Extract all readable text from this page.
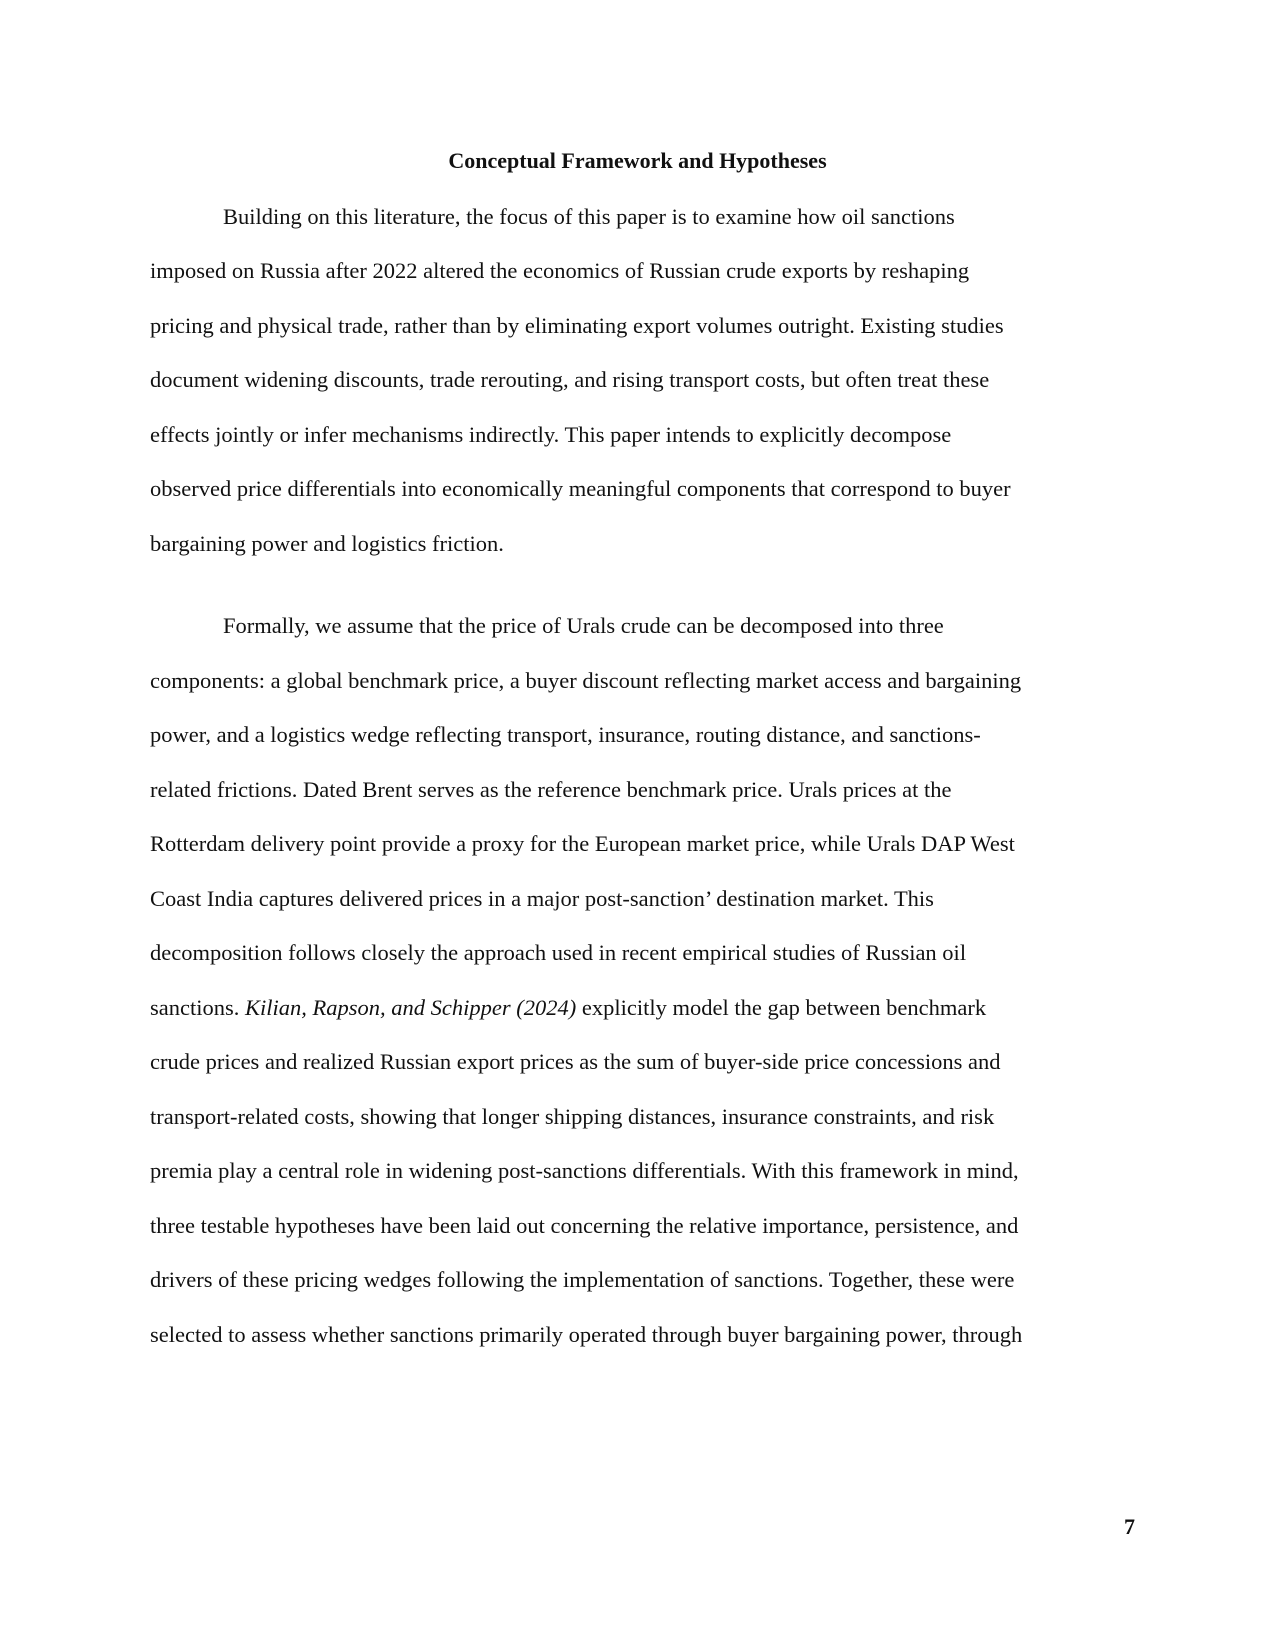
Conceptual Framework and Hypotheses

Building on this literature, the focus of this paper is to examine how oil sanctions

imposed on Russia after 2022 altered the economics of Russian crude exports by reshaping

pricing and physical trade, rather than by eliminating export volumes outright. Existing studies

document widening discounts, trade rerouting, and rising transport costs, but often treat these

effects jointly or infer mechanisms indirectly. This paper intends to explicitly decompose

observed price differentials into economically meaningful components that correspond to buyer

bargaining power and logistics friction.

Formally, we assume that the price of Urals crude can be decomposed into three

components: a global benchmark price, a buyer discount reflecting market access and bargaining

power, and a logistics wedge reflecting transport, insurance, routing distance, and sanctions-

related frictions. Dated Brent serves as the reference benchmark price. Urals prices at the

Rotterdam delivery point provide a proxy for the European market price, while Urals DAP West

Coast India captures delivered prices in a major post-sanction’ destination market. This

decomposition follows closely the approach used in recent empirical studies of Russian oil

sanctions. Kilian, Rapson, and Schipper (2024) explicitly model the gap between benchmark

crude prices and realized Russian export prices as the sum of buyer-side price concessions and

transport-related costs, showing that longer shipping distances, insurance constraints, and risk

premia play a central role in widening post-sanctions differentials. With this framework in mind,

three testable hypotheses have been laid out concerning the relative importance, persistence, and

drivers of these pricing wedges following the implementation of sanctions. Together, these were

selected to assess whether sanctions primarily operated through buyer bargaining power, through

7
